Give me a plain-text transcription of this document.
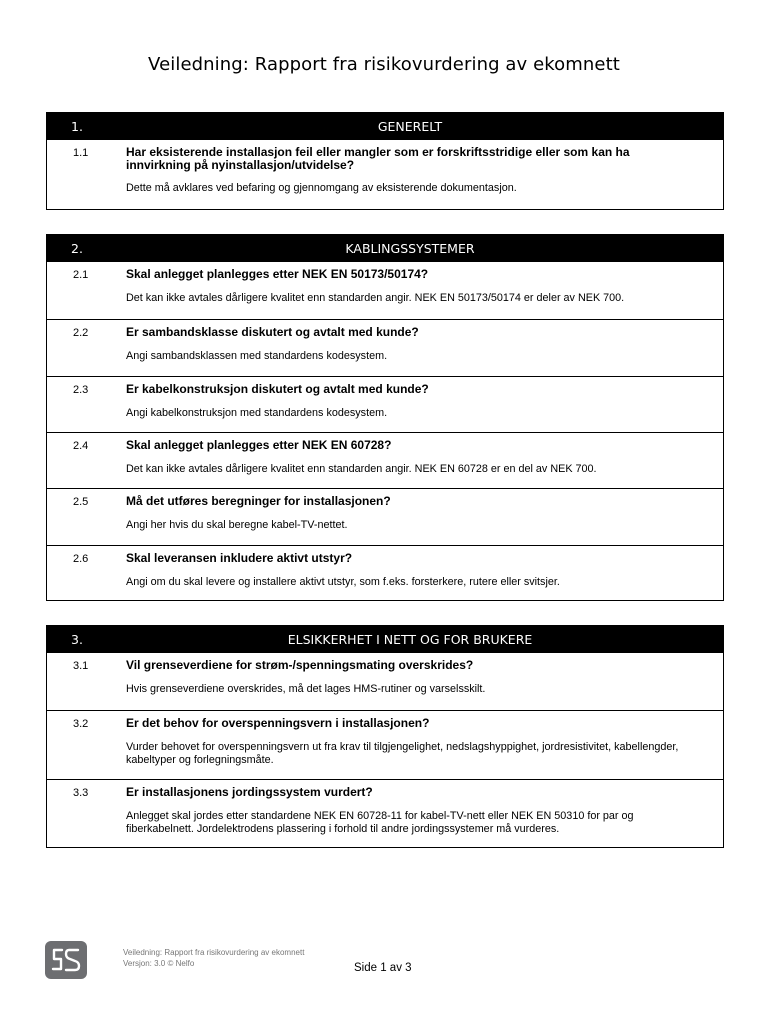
Veiledning: Rapport fra risikovurdering av ekomnett
1.	GENERELT
1.1	Har eksisterende installasjon feil eller mangler som er forskriftsstridige eller som kan ha innvirkning på nyinstallasjon/utvidelse?
Dette må avklares ved befaring og gjennomgang av eksisterende dokumentasjon.
2.	KABLINGSSYSTEMER
2.1	Skal anlegget planlegges etter NEK EN 50173/50174?
Det kan ikke avtales dårligere kvalitet enn standarden angir. NEK EN 50173/50174 er deler av NEK 700.
2.2	Er sambandsklasse diskutert og avtalt med kunde?
Angi sambandsklassen med standardens kodesystem.
2.3	Er kabelkonstruksjon diskutert og avtalt med kunde?
Angi kabelkonstruksjon med standardens kodesystem.
2.4	Skal anlegget planlegges etter NEK EN 60728?
Det kan ikke avtales dårligere kvalitet enn standarden angir. NEK EN 60728 er en del av NEK 700.
2.5	Må det utføres beregninger for installasjonen?
Angi her hvis du skal beregne kabel-TV-nettet.
2.6	Skal leveransen inkludere aktivt utstyr?
Angi om du skal levere og installere aktivt utstyr, som f.eks. forsterkere, rutere eller svitsjer.
3.	ELSIKKERHET I NETT OG FOR BRUKERE
3.1	Vil grenseverdiene for strøm-/spenningsmating overskrides?
Hvis grenseverdiene overskrides, må det lages HMS-rutiner og varselsskilt.
3.2	Er det behov for overspenningsvern i installasjonen?
Vurder behovet for overspenningsvern ut fra krav til tilgjengelighet, nedslagshyppighet, jordresistivitet, kabellengder, kabeltyper og forlegningsmåte.
3.3	Er installasjonens jordingssystem vurdert?
Anlegget skal jordes etter standardene NEK EN 60728-11 for kabel-TV-nett eller NEK EN 50310 for par og fiberkabelnett. Jordelektrodens plassering i forhold til andre jordingssystemer må vurderes.
Veiledning: Rapport fra risikovurdering av ekomnett
Versjon: 3.0 © Nelfo	Side 1 av 3
